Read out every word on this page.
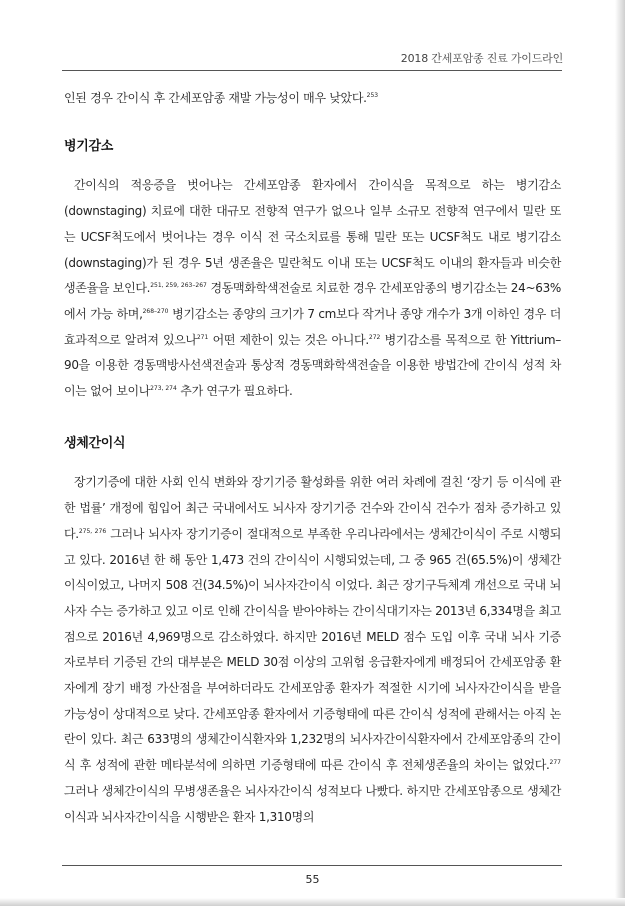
2018 간세포암종 진료 가이드라인

인된 경우 간이식 후 간세포암종 재발 가능성이 매우 낮았다.$^{253}$

병기감소

간이식의 적응증을 벗어나는 간세포암종 환자에서 간이식을 목적으로 하는 병기감소(downstaging) 치료에 대한 대규모 전향적 연구가 없으나 일부 소규모 전향적 연구에서 밀란 또는 UCSF척도에서 벗어나는 경우 이식 전 국소치료를 통해 밀란 또는 UCSF척도 내로 병기감소(downstaging)가 된 경우 5년 생존율은 밀란척도 이내 또는 UCSF척도 이내의 환자들과 비슷한 생존율을 보인다.$^{251, 259, 263-267}$ 경동맥화학색전술로 치료한 경우 간세포암종의 병기감소는 24~63%에서 가능 하며,$^{268-270}$ 병기감소는 종양의 크기가 7 cm보다 작거나 종양 개수가 3개 이하인 경우 더 효과적으로 알려져 있으나$^{271}$ 어떤 제한이 있는 것은 아니다.$^{272}$ 병기감소를 목적으로 한 Yittrium–90을 이용한 경동맥방사선색전술과 통상적 경동맥화학색전술을 이용한 방법간에 간이식 성적 차이는 없어 보이나$^{273, 274}$ 추가 연구가 필요하다.

생체간이식

장기기증에 대한 사회 인식 변화와 장기기증 활성화를 위한 여러 차례에 걸친 ‘장기 등 이식에 관한 법률’ 개정에 힘입어 최근 국내에서도 뇌사자 장기기증 건수와 간이식 건수가 점차 증가하고 있다.$^{275, 276}$ 그러나 뇌사자 장기기증이 절대적으로 부족한 우리나라에서는 생체간이식이 주로 시행되고 있다. 2016년 한 해 동안 1,473 건의 간이식이 시행되었는데, 그 중 965 건(65.5%)이 생체간이식이었고, 나머지 508 건(34.5%)이 뇌사자간이식 이었다. 최근 장기구득체계 개선으로 국내 뇌사자 수는 증가하고 있고 이로 인해 간이식을 받아야하는 간이식대기자는 2013년 6,334명을 최고점으로 2016년 4,969명으로 감소하였다. 하지만 2016년 MELD 점수 도입 이후 국내 뇌사 기증자로부터 기증된 간의 대부분은 MELD 30점 이상의 고위험 응급환자에게 배정되어 간세포암종 환자에게 장기 배정 가산점을 부여하더라도 간세포암종 환자가 적절한 시기에 뇌사자간이식을 받을 가능성이 상대적으로 낮다. 간세포암종 환자에서 기증형태에 따른 간이식 성적에 관해서는 아직 논란이 있다. 최근 633명의 생체간이식환자와 1,232명의 뇌사자간이식환자에서 간세포암종의 간이식 후 성적에 관한 메타분석에 의하면 기증형태에 따른 간이식 후 전체생존율의 차이는 없었다.$^{277}$ 그러나 생체간이식의 무병생존율은 뇌사자간이식 성적보다 나빴다. 하지만 간세포암종으로 생체간이식과 뇌사자간이식을 시행받은 환자 1,310명의

55
